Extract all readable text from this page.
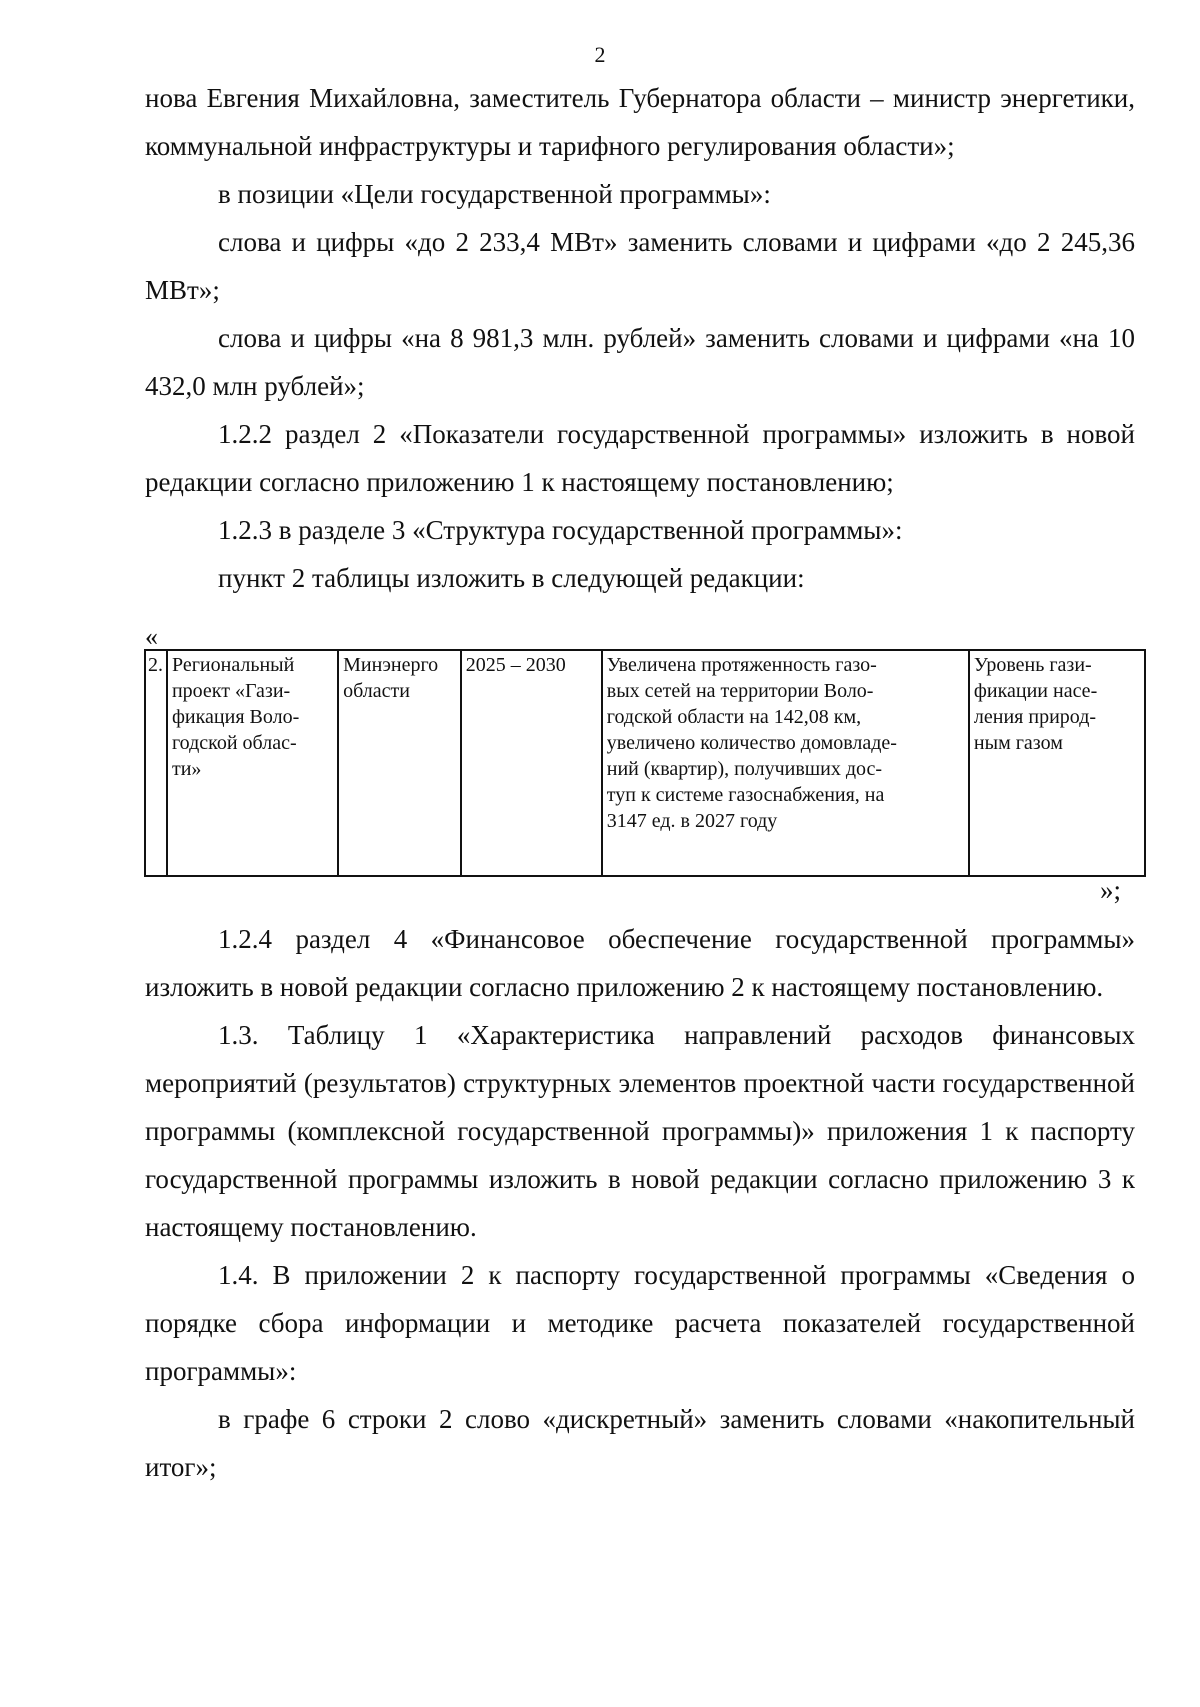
2

нова Евгения Михайловна, заместитель Губернатора области – министр энергетики, коммунальной инфраструктуры и тарифного регулирования области»;

в позиции «Цели государственной программы»:

слова и цифры «до 2 233,4 МВт» заменить словами и цифрами «до 2 245,36 МВт»;

слова и цифры «на 8 981,3 млн. рублей» заменить словами и цифрами «на 10 432,0 млн рублей»;

1.2.2 раздел 2 «Показатели государственной программы» изложить в новой редакции согласно приложению 1 к настоящему постановлению;

1.2.3 в разделе 3 «Структура государственной программы»:

пункт 2 таблицы изложить в следующей редакции:

«
2.	Региональный
проект «Гази-
фикация Воло-
годской облас-
ти»	Минэнерго
области	2025 – 2030	Увеличена протяженность газо-
вых сетей на территории Воло-
годской области на 142,08 км,
увеличено количество домовладе-
ний (квартир), получивших дос-
туп к системе газоснабжения, на
3147 ед. в 2027 году	Уровень гази-
фикации насе-
ления природ-
ным газом
»;

1.2.4 раздел 4 «Финансовое обеспечение государственной программы» изложить в новой редакции согласно приложению 2 к настоящему постановлению.

1.3. Таблицу 1 «Характеристика направлений расходов финансовых мероприятий (результатов) структурных элементов проектной части государственной программы (комплексной государственной программы)» приложения 1 к паспорту государственной программы изложить в новой редакции согласно приложению 3 к настоящему постановлению.

1.4. В приложении 2 к паспорту государственной программы «Сведения о порядке сбора информации и методике расчета показателей государственной программы»:

в графе 6 строки 2 слово «дискретный» заменить словами «накопительный итог»;
